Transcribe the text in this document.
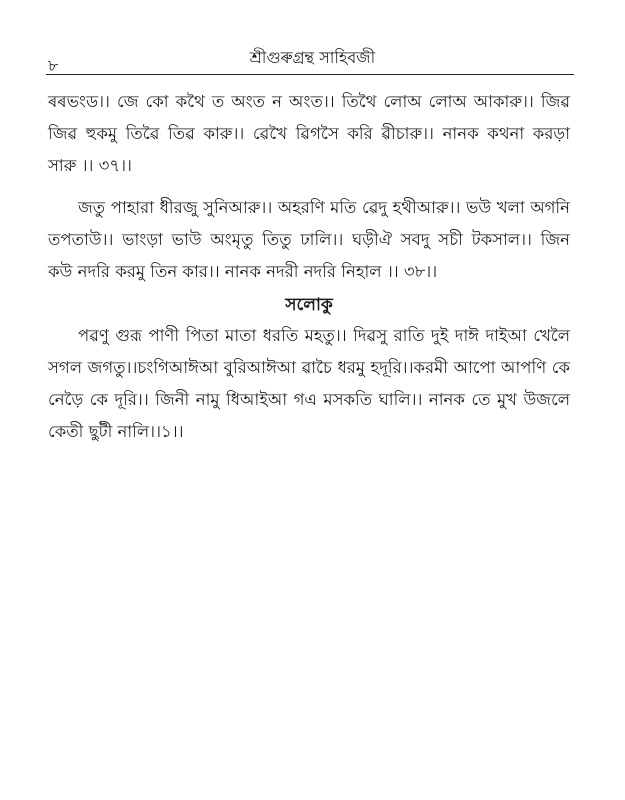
৮	শ্ৰীগুৰুগ্ৰন্থ সাহিবজী
ৰৰভংড।। জে কো কথৈ ত অংত ন অংত।। তিথৈ লোঅ লোঅ আকারু।। জিৱ
জিৱ হুকমু তিৱৈ তিৱ কারু।। ৱেখৈ ৱিগসৈ করি ৱীচারু।। নানক কথনা করড়া
সারু ।। ৩৭।।
জতু পাহারা ধীরজু সুনিআরু।। অহরণি মতি ৱেদু হথীআরু।। ভউ খলা অগনি
তপতাউ।। ভাংড়া ভাউ অংমৃতু তিতু ঢালি।। ঘড়ীঐ সবদু সচী টকসাল।। জিন
কউ নদরি করমু তিন কার।। নানক নদরী নদরি নিহাল ।। ৩৮।।
সলোকু
পৱণু গুরূ পাণী পিতা মাতা ধরতি মহতু।। দিৱসু রাতি দুই দাঈ দাইআ খেলৈ
সগল জগতু।।চংগিআঈআ বুরিআঈআ ৱাচৈ ধরমু হদূরি।।করমী আপো আপণি কে
নেড়ৈ কে দূরি।। জিনী নামু ধিআইআ গএ মসকতি ঘালি।। নানক তে মুখ উজলে
কেতী ছুটী নালি।।১।।
